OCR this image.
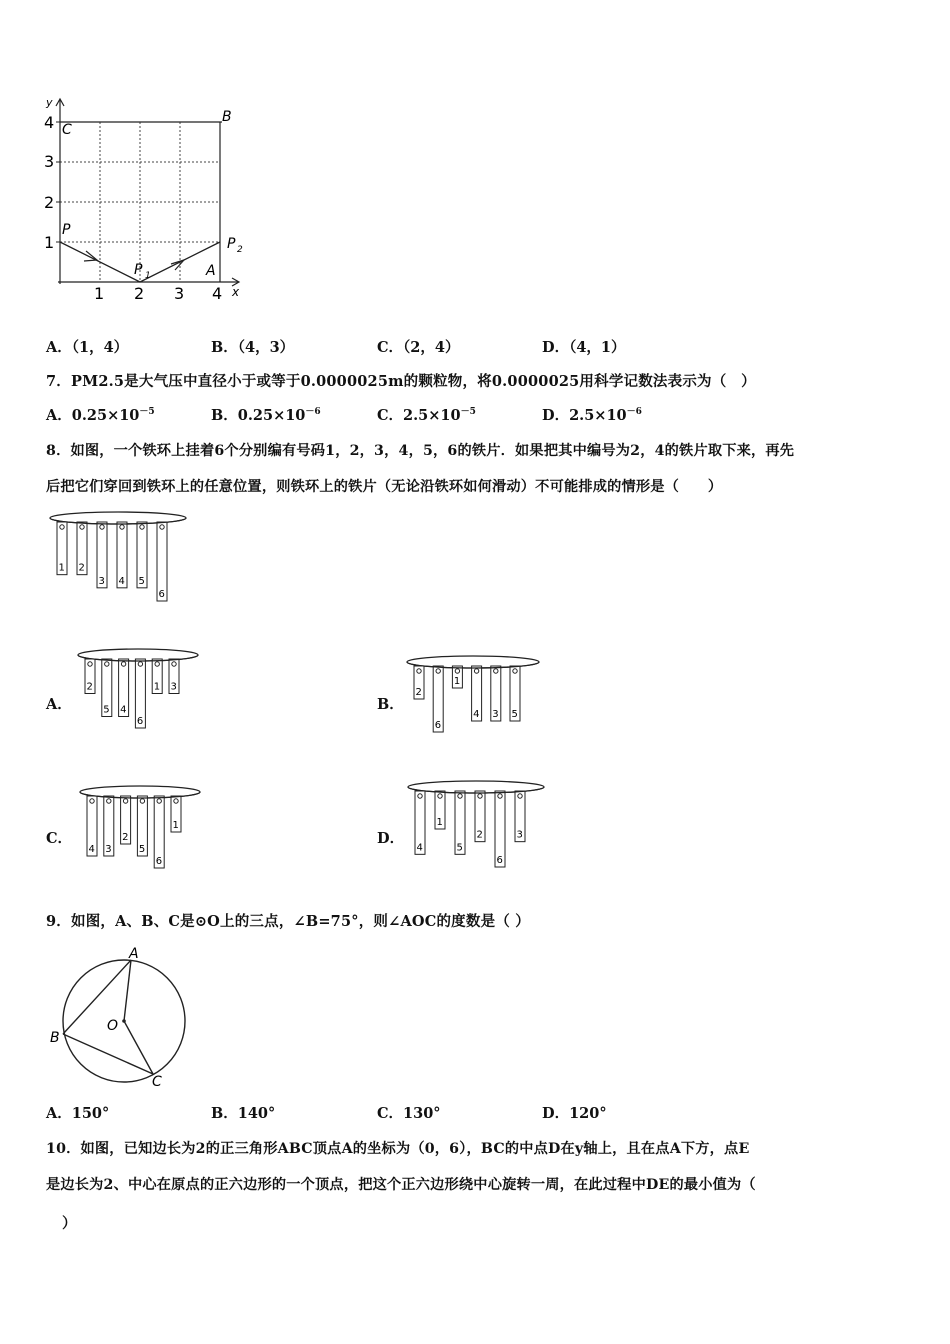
y
x
4
3
2
1
1 2 3 4
C
B
P
P 1	A
P 2
A．（1，4）	B．（4，3）	C．（2，4）	D．（4，1）
7．PM2.5是大气压中直径小于或等于0.0000025m的颗粒物，将0.0000025用科学记数法表示为（　）
A．$0.25\times 10^{-5}$	B．$0.25\times 10^{-6}$	C．$2.5\times 10^{-5}$	D．$2.5\times 10^{-6}$
8．如图，一个铁环上挂着6个分别编有号码1，2，3，4，5，6的铁片．如果把其中编号为2，4的铁片取下来，再先
后把它们穿回到铁环上的任意位置，则铁环上的铁片（无论沿铁环如何滑动）不可能排成的情形是（　　）
1 2
3 4 5
6
A．
2
5 4
6
1 3
B．
2
6
1
4 3 5
C．
4 3
2
5
6
1
D．
4
1
5
2
6
3
9．如图，A、B、C是⊙O上的三点，∠B=75°，则∠AOC的度数是（ ）
A
B
C
O
A．150°	B．140°	C．130°	D．120°
10．如图，已知边长为2的正三角形ABC顶点A的坐标为（0，6），BC的中点D在y轴上，且在点A下方，点E
是边长为2、中心在原点的正六边形的一个顶点，把这个正六边形绕中心旋转一周，在此过程中DE的最小值为（
）
